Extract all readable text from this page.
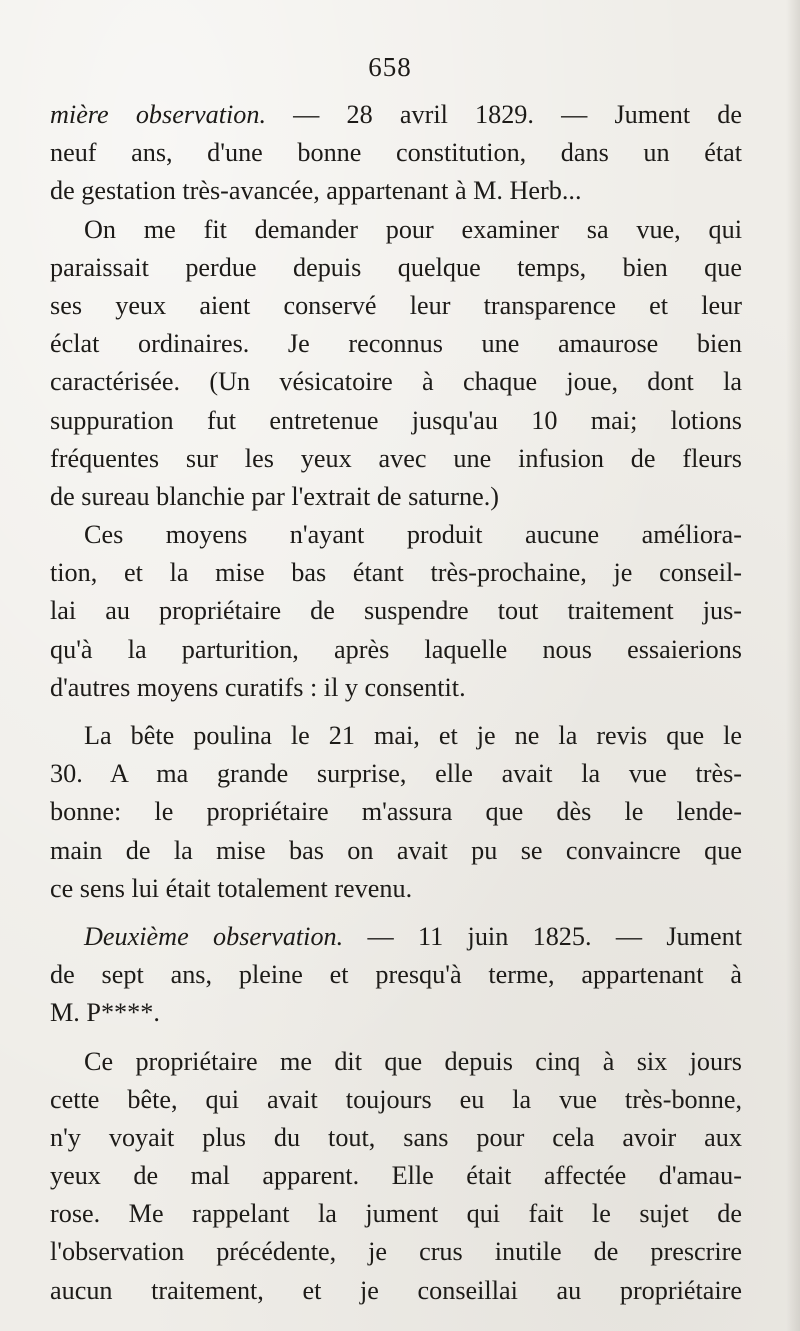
658
mière observation. — 28 avril 1829. — Jument de
neuf ans, d'une bonne constitution, dans un état
de gestation très-avancée, appartenant à M. Herb...
On me fit demander pour examiner sa vue, qui
paraissait perdue depuis quelque temps, bien que
ses yeux aient conservé leur transparence et leur
éclat ordinaires. Je reconnus une amaurose bien
caractérisée. (Un vésicatoire à chaque joue, dont la
suppuration fut entretenue jusqu'au 10 mai; lotions
fréquentes sur les yeux avec une infusion de fleurs
de sureau blanchie par l'extrait de saturne.)
Ces moyens n'ayant produit aucune améliora-
tion, et la mise bas étant très-prochaine, je conseil-
lai au propriétaire de suspendre tout traitement jus-
qu'à la parturition, après laquelle nous essaierions
d'autres moyens curatifs : il y consentit.
La bête poulina le 21 mai, et je ne la revis que le
30. A ma grande surprise, elle avait la vue très-
bonne: le propriétaire m'assura que dès le lende-
main de la mise bas on avait pu se convaincre que
ce sens lui était totalement revenu.
Deuxième observation. — 11 juin 1825. — Jument
de sept ans, pleine et presqu'à terme, appartenant à
M. P****.
Ce propriétaire me dit que depuis cinq à six jours
cette bête, qui avait toujours eu la vue très-bonne,
n'y voyait plus du tout, sans pour cela avoir aux
yeux de mal apparent. Elle était affectée d'amau-
rose. Me rappelant la jument qui fait le sujet de
l'observation précédente, je crus inutile de prescrire
aucun traitement, et je conseillai au propriétaire
